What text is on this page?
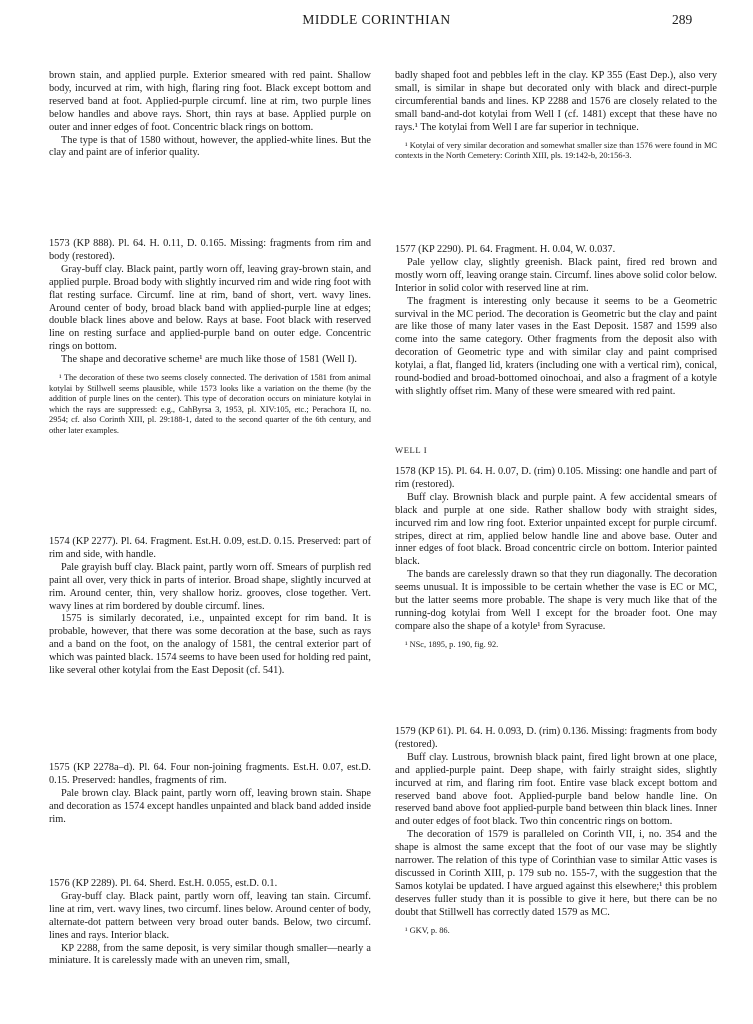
MIDDLE CORINTHIAN	289

brown stain, and applied purple. Exterior smeared with red paint. Shallow body, incurved at rim, with high, flaring ring foot. Black except bottom and reserved band at foot. Applied-purple circumf. line at rim, two purple lines below handles and above rays. Short, thin rays at base. Applied purple on outer and inner edges of foot. Concentric black rings on bottom.

The type is that of 1580 without, however, the applied-white lines. But the clay and paint are of inferior quality.

1573 (KP 888). Pl. 64. H. 0.11, D. 0.165. Missing: fragments from rim and body (restored).

Gray-buff clay. Black paint, partly worn off, leaving gray-brown stain, and applied purple. Broad body with slightly incurved rim and wide ring foot with flat resting surface. Circumf. line at rim, band of short, vert. wavy lines. Around center of body, broad black band with applied-purple line at edges; double black lines above and below. Rays at base. Foot black with reserved line on resting surface and applied-purple band on outer edge. Concentric rings on bottom.

The shape and decorative scheme¹ are much like those of 1581 (Well I).

¹ The decoration of these two seems closely connected. The derivation of 1581 from animal kotylai by Stillwell seems plausible, while 1573 looks like a variation on the theme (by the addition of purple lines on the center). This type of decoration occurs on miniature kotylai in which the rays are suppressed: e.g., CahByrsa 3, 1953, pl. XIV:105, etc.; Perachora II, no. 2954; cf. also Corinth XIII, pl. 29:188-1, dated to the second quarter of the 6th century, and other later examples.

1574 (KP 2277). Pl. 64. Fragment. Est.H. 0.09, est.D. 0.15. Preserved: part of rim and side, with handle.

Pale grayish buff clay. Black paint, partly worn off. Smears of purplish red paint all over, very thick in parts of interior. Broad shape, slightly incurved at rim. Around center, thin, very shallow horiz. grooves, close together. Vert. wavy lines at rim bordered by double circumf. lines.

1575 is similarly decorated, i.e., unpainted except for rim band. It is probable, however, that there was some decoration at the base, such as rays and a band on the foot, on the analogy of 1581, the central exterior part of which was painted black. 1574 seems to have been used for holding red paint, like several other kotylai from the East Deposit (cf. 541).

1575 (KP 2278a–d). Pl. 64. Four non-joining fragments. Est.H. 0.07, est.D. 0.15. Preserved: handles, fragments of rim.

Pale brown clay. Black paint, partly worn off, leaving brown stain. Shape and decoration as 1574 except handles unpainted and black band added inside rim.

1576 (KP 2289). Pl. 64. Sherd. Est.H. 0.055, est.D. 0.1.

Gray-buff clay. Black paint, partly worn off, leaving tan stain. Circumf. line at rim, vert. wavy lines, two circumf. lines below. Around center of body, alternate-dot pattern between very broad outer bands. Below, two circumf. lines and rays. Interior black.

KP 2288, from the same deposit, is very similar though smaller—nearly a miniature. It is carelessly made with an uneven rim, small,

badly shaped foot and pebbles left in the clay. KP 355 (East Dep.), also very small, is similar in shape but decorated only with black and direct-purple circumferential bands and lines. KP 2288 and 1576 are closely related to the small band-and-dot kotylai from Well I (cf. 1481) except that these have no rays.¹ The kotylai from Well I are far superior in technique.

¹ Kotylai of very similar decoration and somewhat smaller size than 1576 were found in MC contexts in the North Cemetery: Corinth XIII, pls. 19:142-b, 20:156-3.

1577 (KP 2290). Pl. 64. Fragment. H. 0.04, W. 0.037.

Pale yellow clay, slightly greenish. Black paint, fired red brown and mostly worn off, leaving orange stain. Circumf. lines above solid color below. Interior in solid color with reserved line at rim.

The fragment is interesting only because it seems to be a Geometric survival in the MC period. The decoration is Geometric but the clay and paint are like those of many later vases in the East Deposit. 1587 and 1599 also come into the same category. Other fragments from the deposit also with decoration of Geometric type and with similar clay and paint comprised kotylai, a flat, flanged lid, kraters (including one with a vertical rim), conical, round-bodied and broad-bottomed oinochoai, and also a fragment of a kotyle with slightly offset rim. Many of these were smeared with red paint.

WELL I

1578 (KP 15). Pl. 64. H. 0.07, D. (rim) 0.105. Missing: one handle and part of rim (restored).

Buff clay. Brownish black and purple paint. A few accidental smears of black and purple at one side. Rather shallow body with straight sides, incurved rim and low ring foot. Exterior unpainted except for purple circumf. stripes, direct at rim, applied below handle line and above base. Outer and inner edges of foot black. Broad concentric circle on bottom. Interior painted black.

The bands are carelessly drawn so that they run diagonally. The decoration seems unusual. It is impossible to be certain whether the vase is EC or MC, but the latter seems more probable. The shape is very much like that of the running-dog kotylai from Well I except for the broader foot. One may compare also the shape of a kotyle¹ from Syracuse.

¹ NSc, 1895, p. 190, fig. 92.

1579 (KP 61). Pl. 64. H. 0.093, D. (rim) 0.136. Missing: fragments from body (restored).

Buff clay. Lustrous, brownish black paint, fired light brown at one place, and applied-purple paint. Deep shape, with fairly straight sides, slightly incurved at rim, and flaring rim foot. Entire vase black except bottom and reserved band above foot. Applied-purple band below handle line. On reserved band above foot applied-purple band between thin black lines. Inner and outer edges of foot black. Two thin concentric rings on bottom.

The decoration of 1579 is paralleled on Corinth VII, i, no. 354 and the shape is almost the same except that the foot of our vase may be slightly narrower. The relation of this type of Corinthian vase to similar Attic vases is discussed in Corinth XIII, p. 179 sub no. 155-7, with the suggestion that the Samos kotylai be updated. I have argued against this elsewhere;¹ this problem deserves fuller study than it is possible to give it here, but there can be no doubt that Stillwell has correctly dated 1579 as MC.

¹ GKV, p. 86.
